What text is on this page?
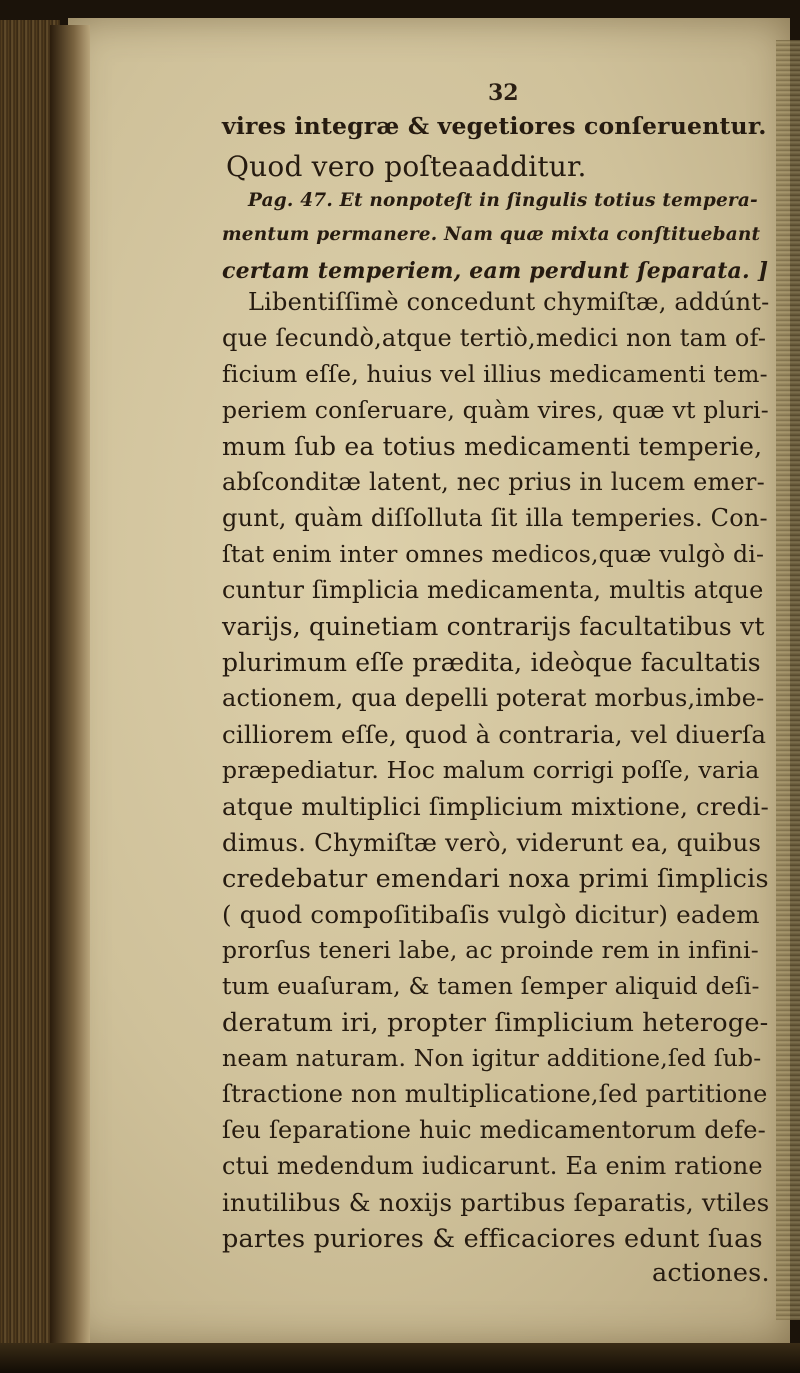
32
vires integræ & vegetiores conſeruentur.
Quod vero poſteaadditur.
Pag. 47. Et nonpoteſt in ſingulis totius tempera-
mentum permanere. Nam quæ mixta conſtituebant
certam temperiem, eam perdunt ſeparata. ]
Libentiſſimè concedunt chymiſtæ, addúnt-
que ſecundò,atque tertiò,medici non tam of-
ficium eſſe, huius vel illius medicamenti tem-
periem conſeruare, quàm vires, quæ vt pluri-
mum ſub ea totius medicamenti temperie,
abſconditæ latent, nec prius in lucem emer-
gunt, quàm diſſolluta ſit illa temperies. Con-
ſtat enim inter omnes medicos,quæ vulgò di-
cuntur ſimplicia medicamenta, multis atque
varijs, quinetiam contrarijs facultatibus vt
plurimum eſſe prædita, ideòque facultatis
actionem, qua depelli poterat morbus,imbe-
cilliorem eſſe, quod à contraria, vel diuerſa
præpediatur. Hoc malum corrigi poſſe, varia
atque multiplici ſimplicium mixtione, credi-
dimus. Chymiſtæ verò, viderunt ea, quibus
credebatur emendari noxa primi ſimplicis
( quod compoſitibaſis vulgò dicitur) eadem
prorſus teneri labe, ac proinde rem in infini-
tum euaſuram, & tamen ſemper aliquid deſi-
deratum iri, propter ſimplicium heteroge-
neam naturam. Non igitur additione,ſed ſub-
ſtractione non multiplicatione,ſed partitione
ſeu ſeparatione huic medicamentorum defe-
ctui medendum iudicarunt. Ea enim ratione
inutilibus & noxijs partibus ſeparatis, vtiles
partes puriores & efficaciores edunt ſuas
actiones.
